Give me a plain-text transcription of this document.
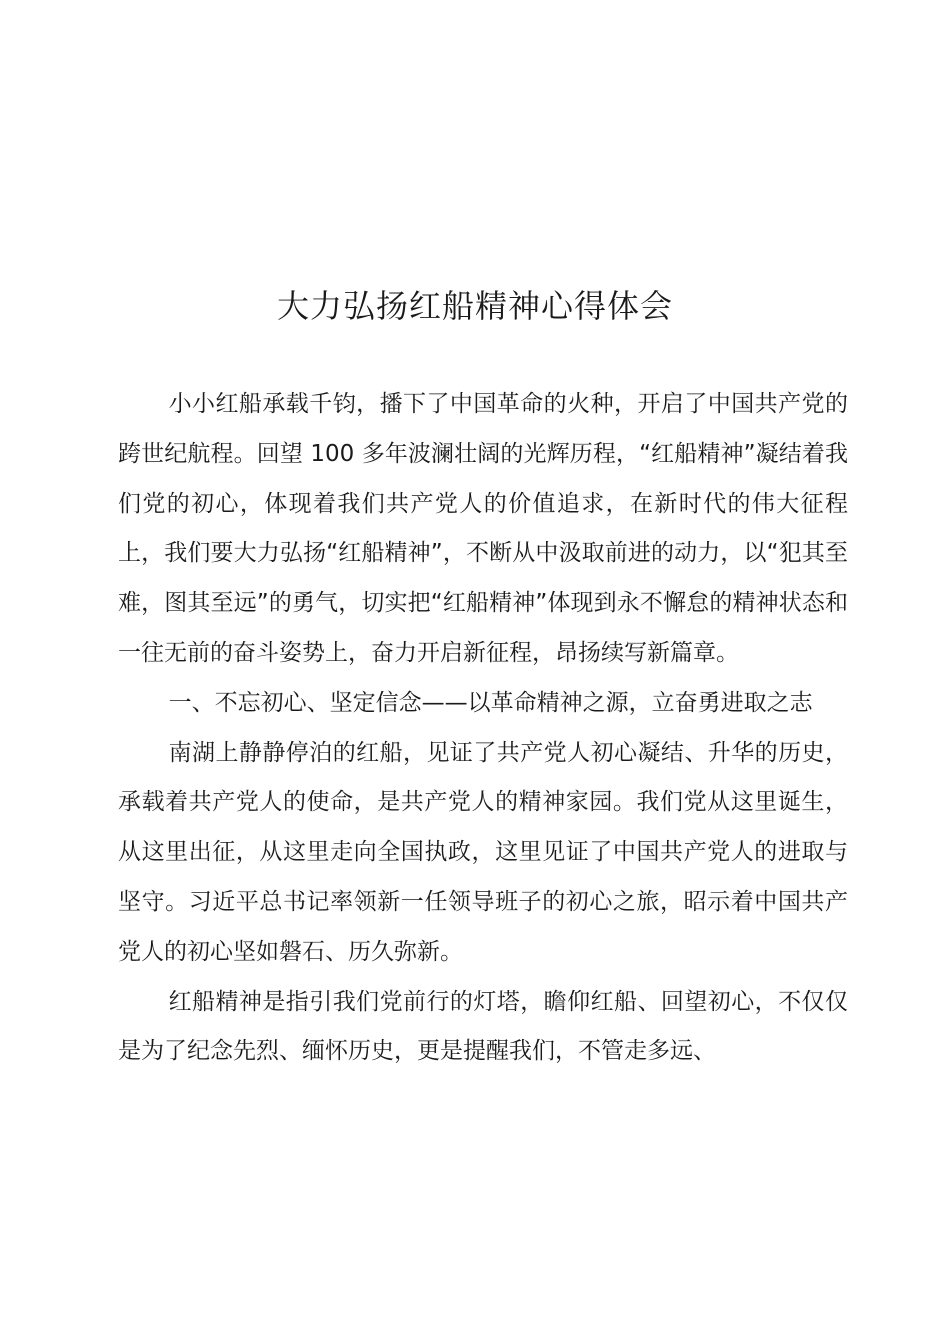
大力弘扬红船精神心得体会

小小红船承载千钧，播下了中国革命的火种，开启了中国共产党的跨世纪航程。回望 100 多年波澜壮阔的光辉历程，“红船精神”凝结着我们党的初心，体现着我们共产党人的价值追求，在新时代的伟大征程上，我们要大力弘扬“红船精神”，不断从中汲取前进的动力，以“犯其至难，图其至远”的勇气，切实把“红船精神”体现到永不懈怠的精神状态和一往无前的奋斗姿势上，奋力开启新征程，昂扬续写新篇章。

一、不忘初心、坚定信念——以革命精神之源，立奋勇进取之志

南湖上静静停泊的红船，见证了共产党人初心凝结、升华的历史，承载着共产党人的使命，是共产党人的精神家园。我们党从这里诞生，从这里出征，从这里走向全国执政，这里见证了中国共产党人的进取与坚守。习近平总书记率领新一任领导班子的初心之旅，昭示着中国共产党人的初心坚如磐石、历久弥新。

红船精神是指引我们党前行的灯塔，瞻仰红船、回望初心，不仅仅是为了纪念先烈、缅怀历史，更是提醒我们，不管走多远、
